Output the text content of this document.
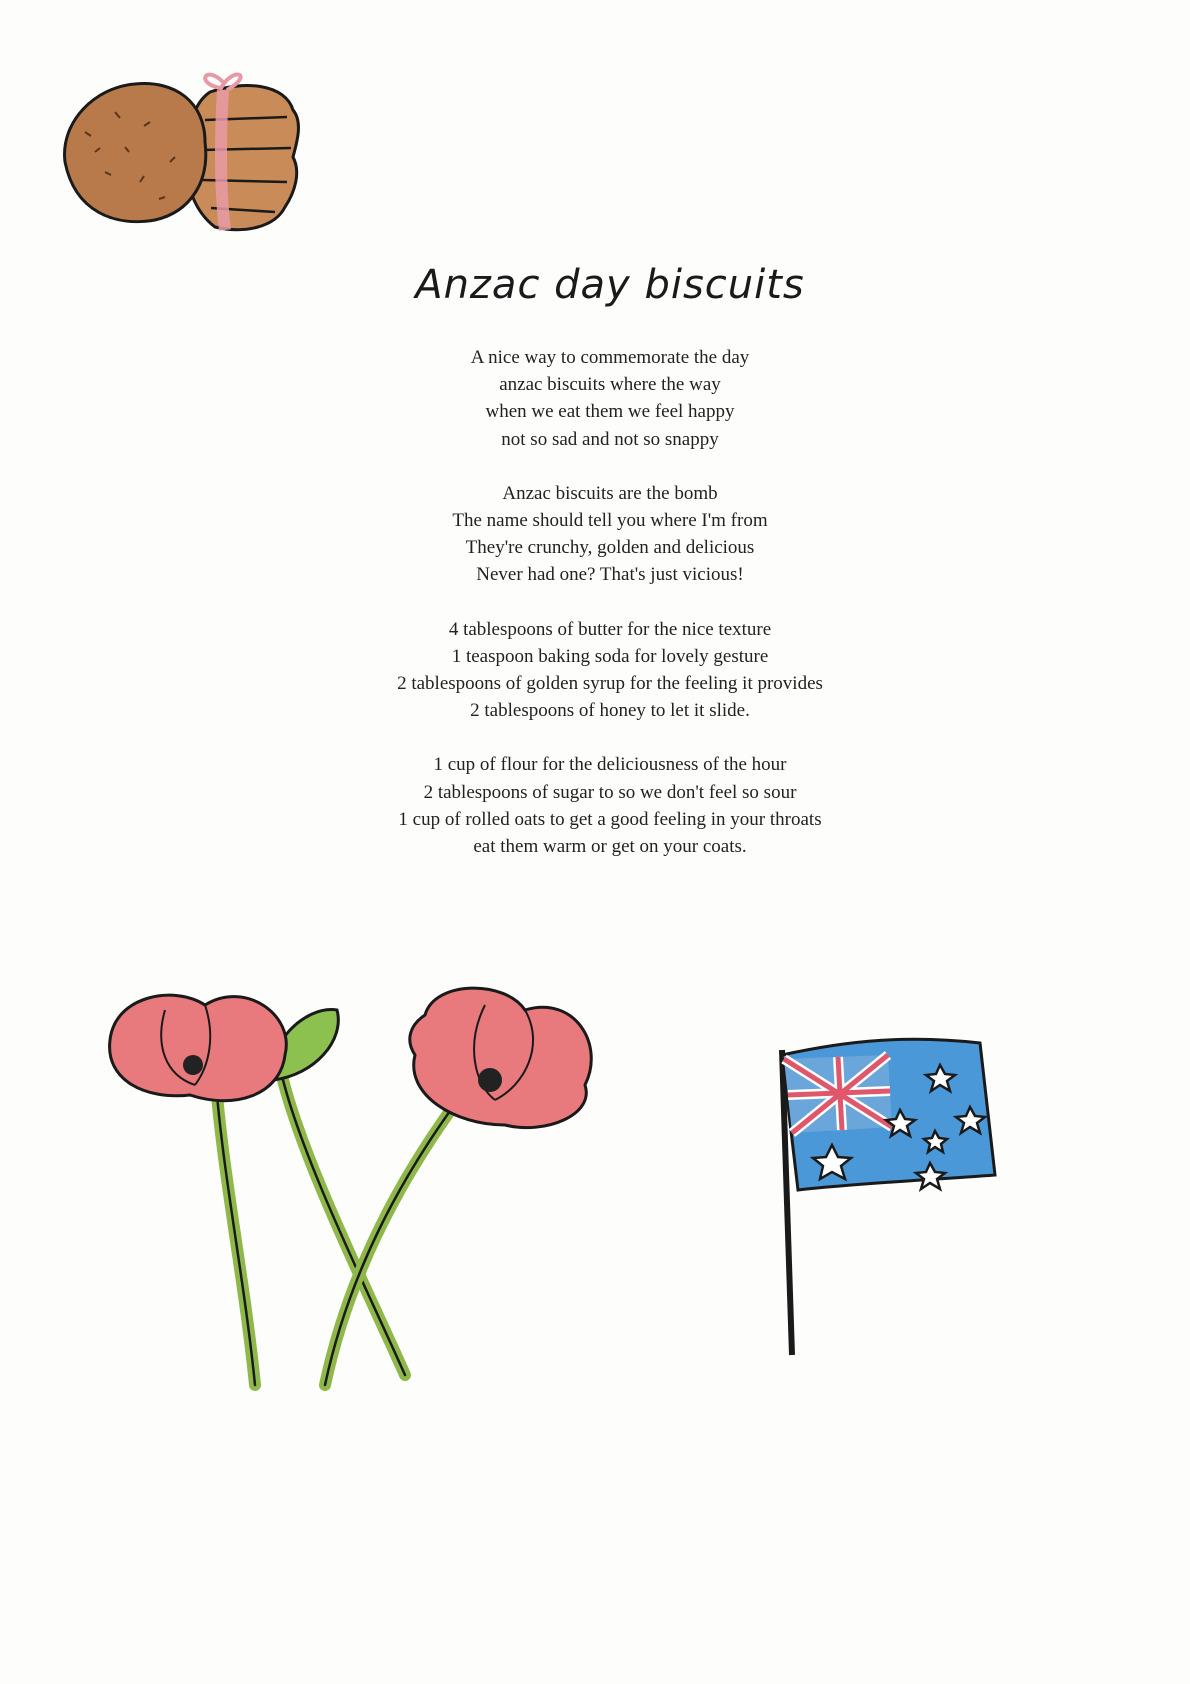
Anzac day biscuits

A nice way to commemorate the day
anzac biscuits where the way
when we eat them we feel happy
not so sad and not so snappy

Anzac biscuits are the bomb
The name should tell you where I'm from
They're crunchy, golden and delicious
Never had one? That's just vicious!

4 tablespoons of butter for the nice texture
1 teaspoon baking soda for lovely gesture
2 tablespoons of golden syrup for the feeling it provides
2 tablespoons of honey to let it slide.

1 cup of flour for the deliciousness of the hour
2 tablespoons of sugar to so we don't feel so sour
1 cup of rolled oats to get a good feeling in your throats
eat them warm or get on your coats.
